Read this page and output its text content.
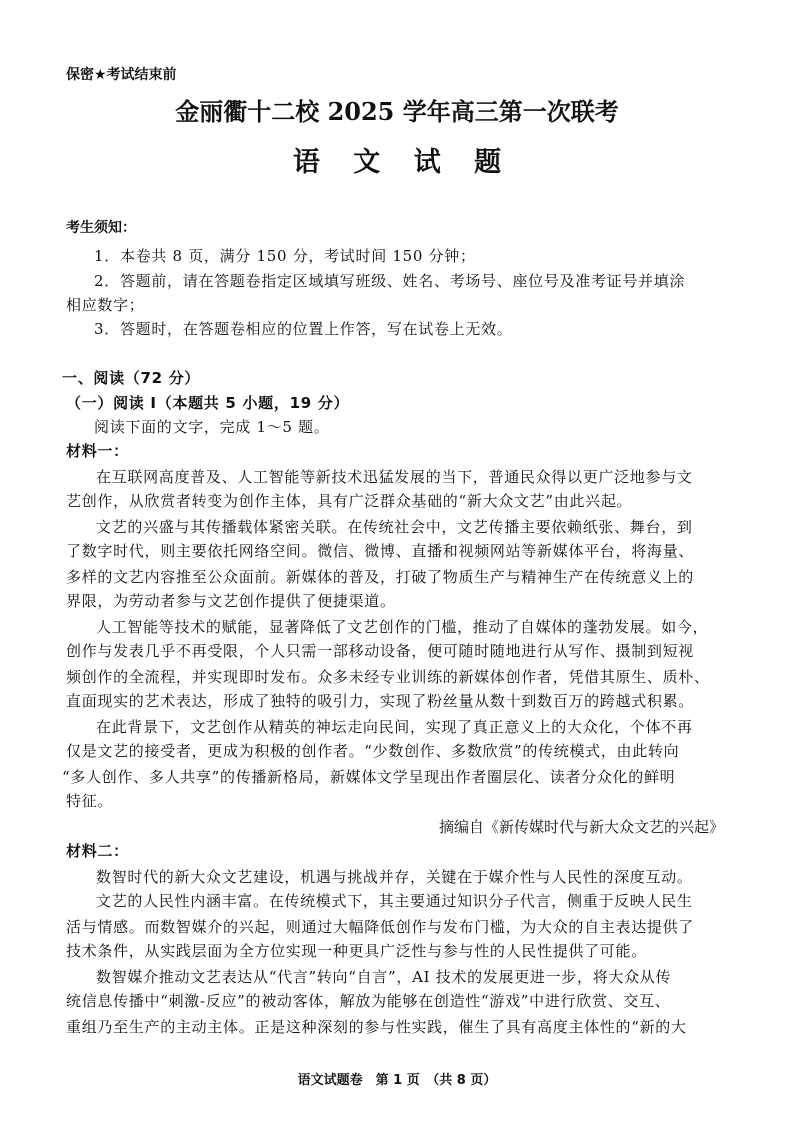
保密★考试结束前
金丽衢十二校 2025 学年高三第一次联考
语 文 试 题
考生须知：
1．本卷共 8 页，满分 150 分，考试时间 150 分钟；
2．答题前，请在答题卷指定区域填写班级、姓名、考场号、座位号及准考证号并填涂
相应数字；
3．答题时，在答题卷相应的位置上作答，写在试卷上无效。
一、阅读（72 分）
（一）阅读 I（本题共 5 小题，19 分）
阅读下面的文字，完成 1～5 题。
材料一：
在互联网高度普及、人工智能等新技术迅猛发展的当下，普通民众得以更广泛地参与文
艺创作，从欣赏者转变为创作主体，具有广泛群众基础的“新大众文艺”由此兴起。
文艺的兴盛与其传播载体紧密关联。在传统社会中，文艺传播主要依赖纸张、舞台，到
了数字时代，则主要依托网络空间。微信、微博、直播和视频网站等新媒体平台，将海量、
多样的文艺内容推至公众面前。新媒体的普及，打破了物质生产与精神生产在传统意义上的
界限，为劳动者参与文艺创作提供了便捷渠道。
人工智能等技术的赋能，显著降低了文艺创作的门槛，推动了自媒体的蓬勃发展。如今，
创作与发表几乎不再受限，个人只需一部移动设备，便可随时随地进行从写作、摄制到短视
频创作的全流程，并实现即时发布。众多未经专业训练的新媒体创作者，凭借其原生、质朴、
直面现实的艺术表达，形成了独特的吸引力，实现了粉丝量从数十到数百万的跨越式积累。
在此背景下，文艺创作从精英的神坛走向民间，实现了真正意义上的大众化，个体不再
仅是文艺的接受者，更成为积极的创作者。“少数创作、多数欣赏”的传统模式，由此转向
“多人创作、多人共享”的传播新格局，新媒体文学呈现出作者圈层化、读者分众化的鲜明
特征。
摘编自《新传媒时代与新大众文艺的兴起》
材料二：
数智时代的新大众文艺建设，机遇与挑战并存，关键在于媒介性与人民性的深度互动。
文艺的人民性内涵丰富。在传统模式下，其主要通过知识分子代言，侧重于反映人民生
活与情感。而数智媒介的兴起，则通过大幅降低创作与发布门槛，为大众的自主表达提供了
技术条件，从实践层面为全方位实现一种更具广泛性与参与性的人民性提供了可能。
数智媒介推动文艺表达从“代言”转向“自言”，AI 技术的发展更进一步，将大众从传
统信息传播中“刺激-反应”的被动客体，解放为能够在创造性“游戏”中进行欣赏、交互、
重组乃至生产的主动主体。正是这种深刻的参与性实践，催生了具有高度主体性的“新的大
语文试题卷　第 1 页　（共 8 页）
